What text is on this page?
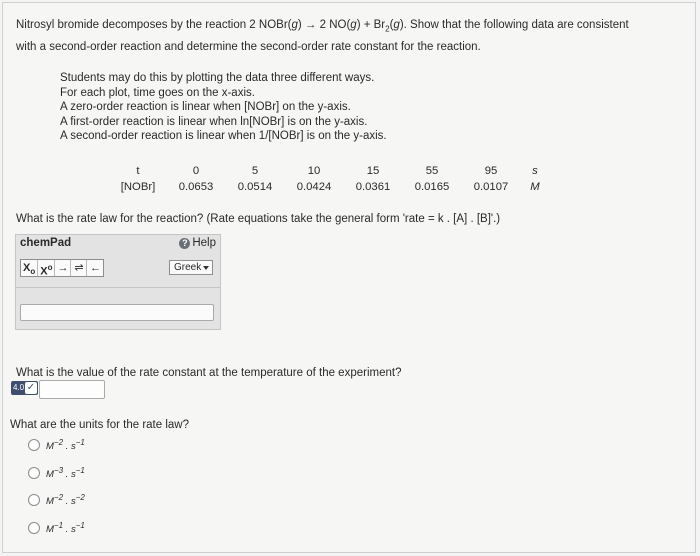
Nitrosyl bromide decomposes by the reaction 2 NOBr(g) → 2 $NO(g) + Br_2(g)$. Show that the following data are consistent
with a second-order reaction and determine the second-order rate constant for the reaction.
Students may do this by plotting the data three different ways.
For each plot, time goes on the x-axis.
A zero-order reaction is linear when [NOBr] on the y-axis.
A first-order reaction is linear when ln[NOBr] is on the y-axis.
A second-order reaction is linear when 1/[NOBr] is on the y-axis.
t	0	5	10	15	55	95	s
[NOBr]	0.0653	0.0514	0.0424	0.0361	0.0165	0.0107	M
What is the rate law for the reaction? (Rate equations take the general form 'rate = k . [A] . [B]'.)
chemPad	? Help
$X_o$ $X^o$ → ⇌ ←	Greek
What is the value of the rate constant at the temperature of the experiment?
4.0 ✓
What are the units for the rate law?
$M^{-2}$ . $s^{-1}$
$M^{-3}$ . $s^{-1}$
$M^{-2}$ . $s^{-2}$
$M^{-1}$ . $s^{-1}$
